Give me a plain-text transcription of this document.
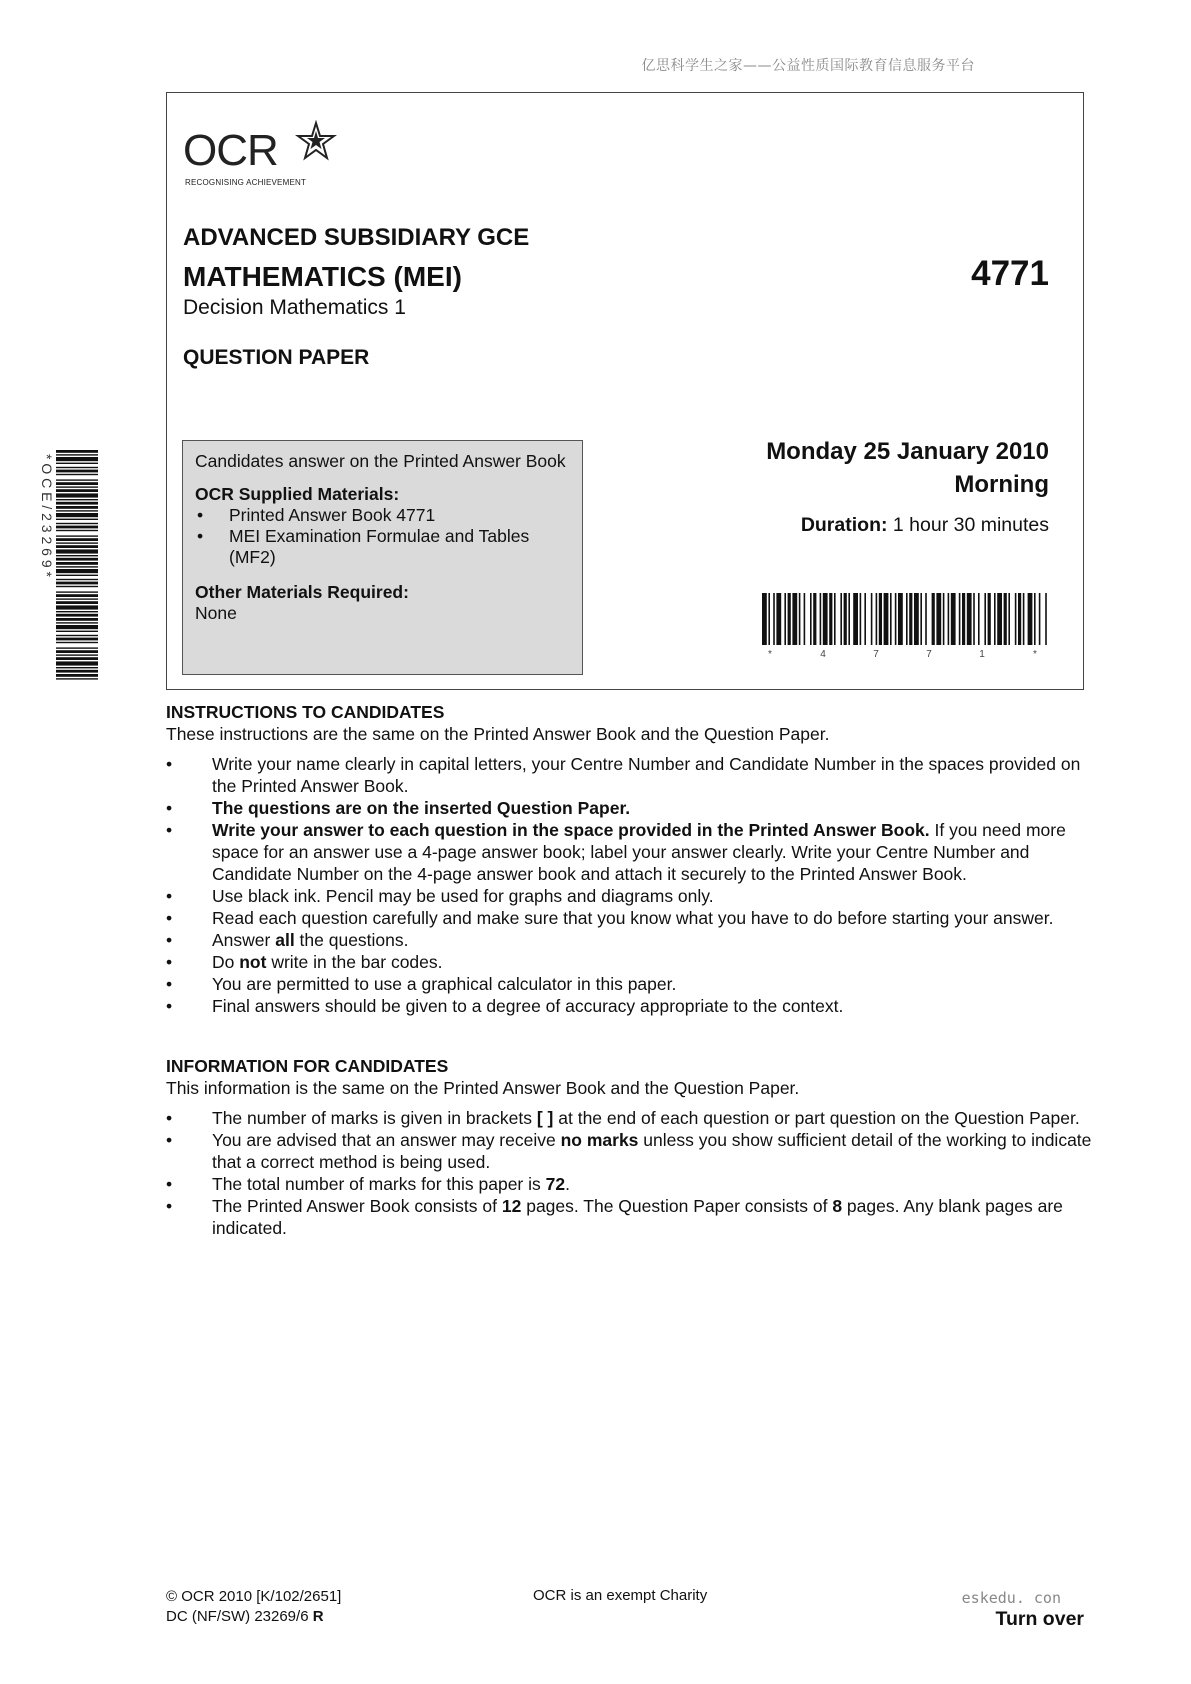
亿思科学生之家——公益性质国际教育信息服务平台
OCR
RECOGNISING ACHIEVEMENT
ADVANCED SUBSIDIARY GCE
MATHEMATICS (MEI)
Decision Mathematics 1
QUESTION PAPER
4771
Candidates answer on the Printed Answer Book
OCR Supplied Materials:
• Printed Answer Book 4771
• MEI Examination Formulae and Tables (MF2)
Other Materials Required:
None
Monday 25 January 2010
Morning
Duration: 1 hour 30 minutes
*	4	7	7	1	*
* O C E / 2 3 2 6 9 *
INSTRUCTIONS TO CANDIDATES
These instructions are the same on the Printed Answer Book and the Question Paper.
• Write your name clearly in capital letters, your Centre Number and Candidate Number in the spaces provided on the Printed Answer Book.
• The questions are on the inserted Question Paper.
• Write your answer to each question in the space provided in the Printed Answer Book. If you need more space for an answer use a 4-page answer book; label your answer clearly. Write your Centre Number and Candidate Number on the 4-page answer book and attach it securely to the Printed Answer Book.
• Use black ink. Pencil may be used for graphs and diagrams only.
• Read each question carefully and make sure that you know what you have to do before starting your answer.
• Answer all the questions.
• Do not write in the bar codes.
• You are permitted to use a graphical calculator in this paper.
• Final answers should be given to a degree of accuracy appropriate to the context.
INFORMATION FOR CANDIDATES
This information is the same on the Printed Answer Book and the Question Paper.
• The number of marks is given in brackets [ ] at the end of each question or part question on the Question Paper.
• You are advised that an answer may receive no marks unless you show sufficient detail of the working to indicate that a correct method is being used.
• The total number of marks for this paper is 72.
• The Printed Answer Book consists of 12 pages. The Question Paper consists of 8 pages. Any blank pages are indicated.
© OCR 2010 [K/102/2651]
DC (NF/SW) 23269/6 R
OCR is an exempt Charity	eskedu. con
Turn over
